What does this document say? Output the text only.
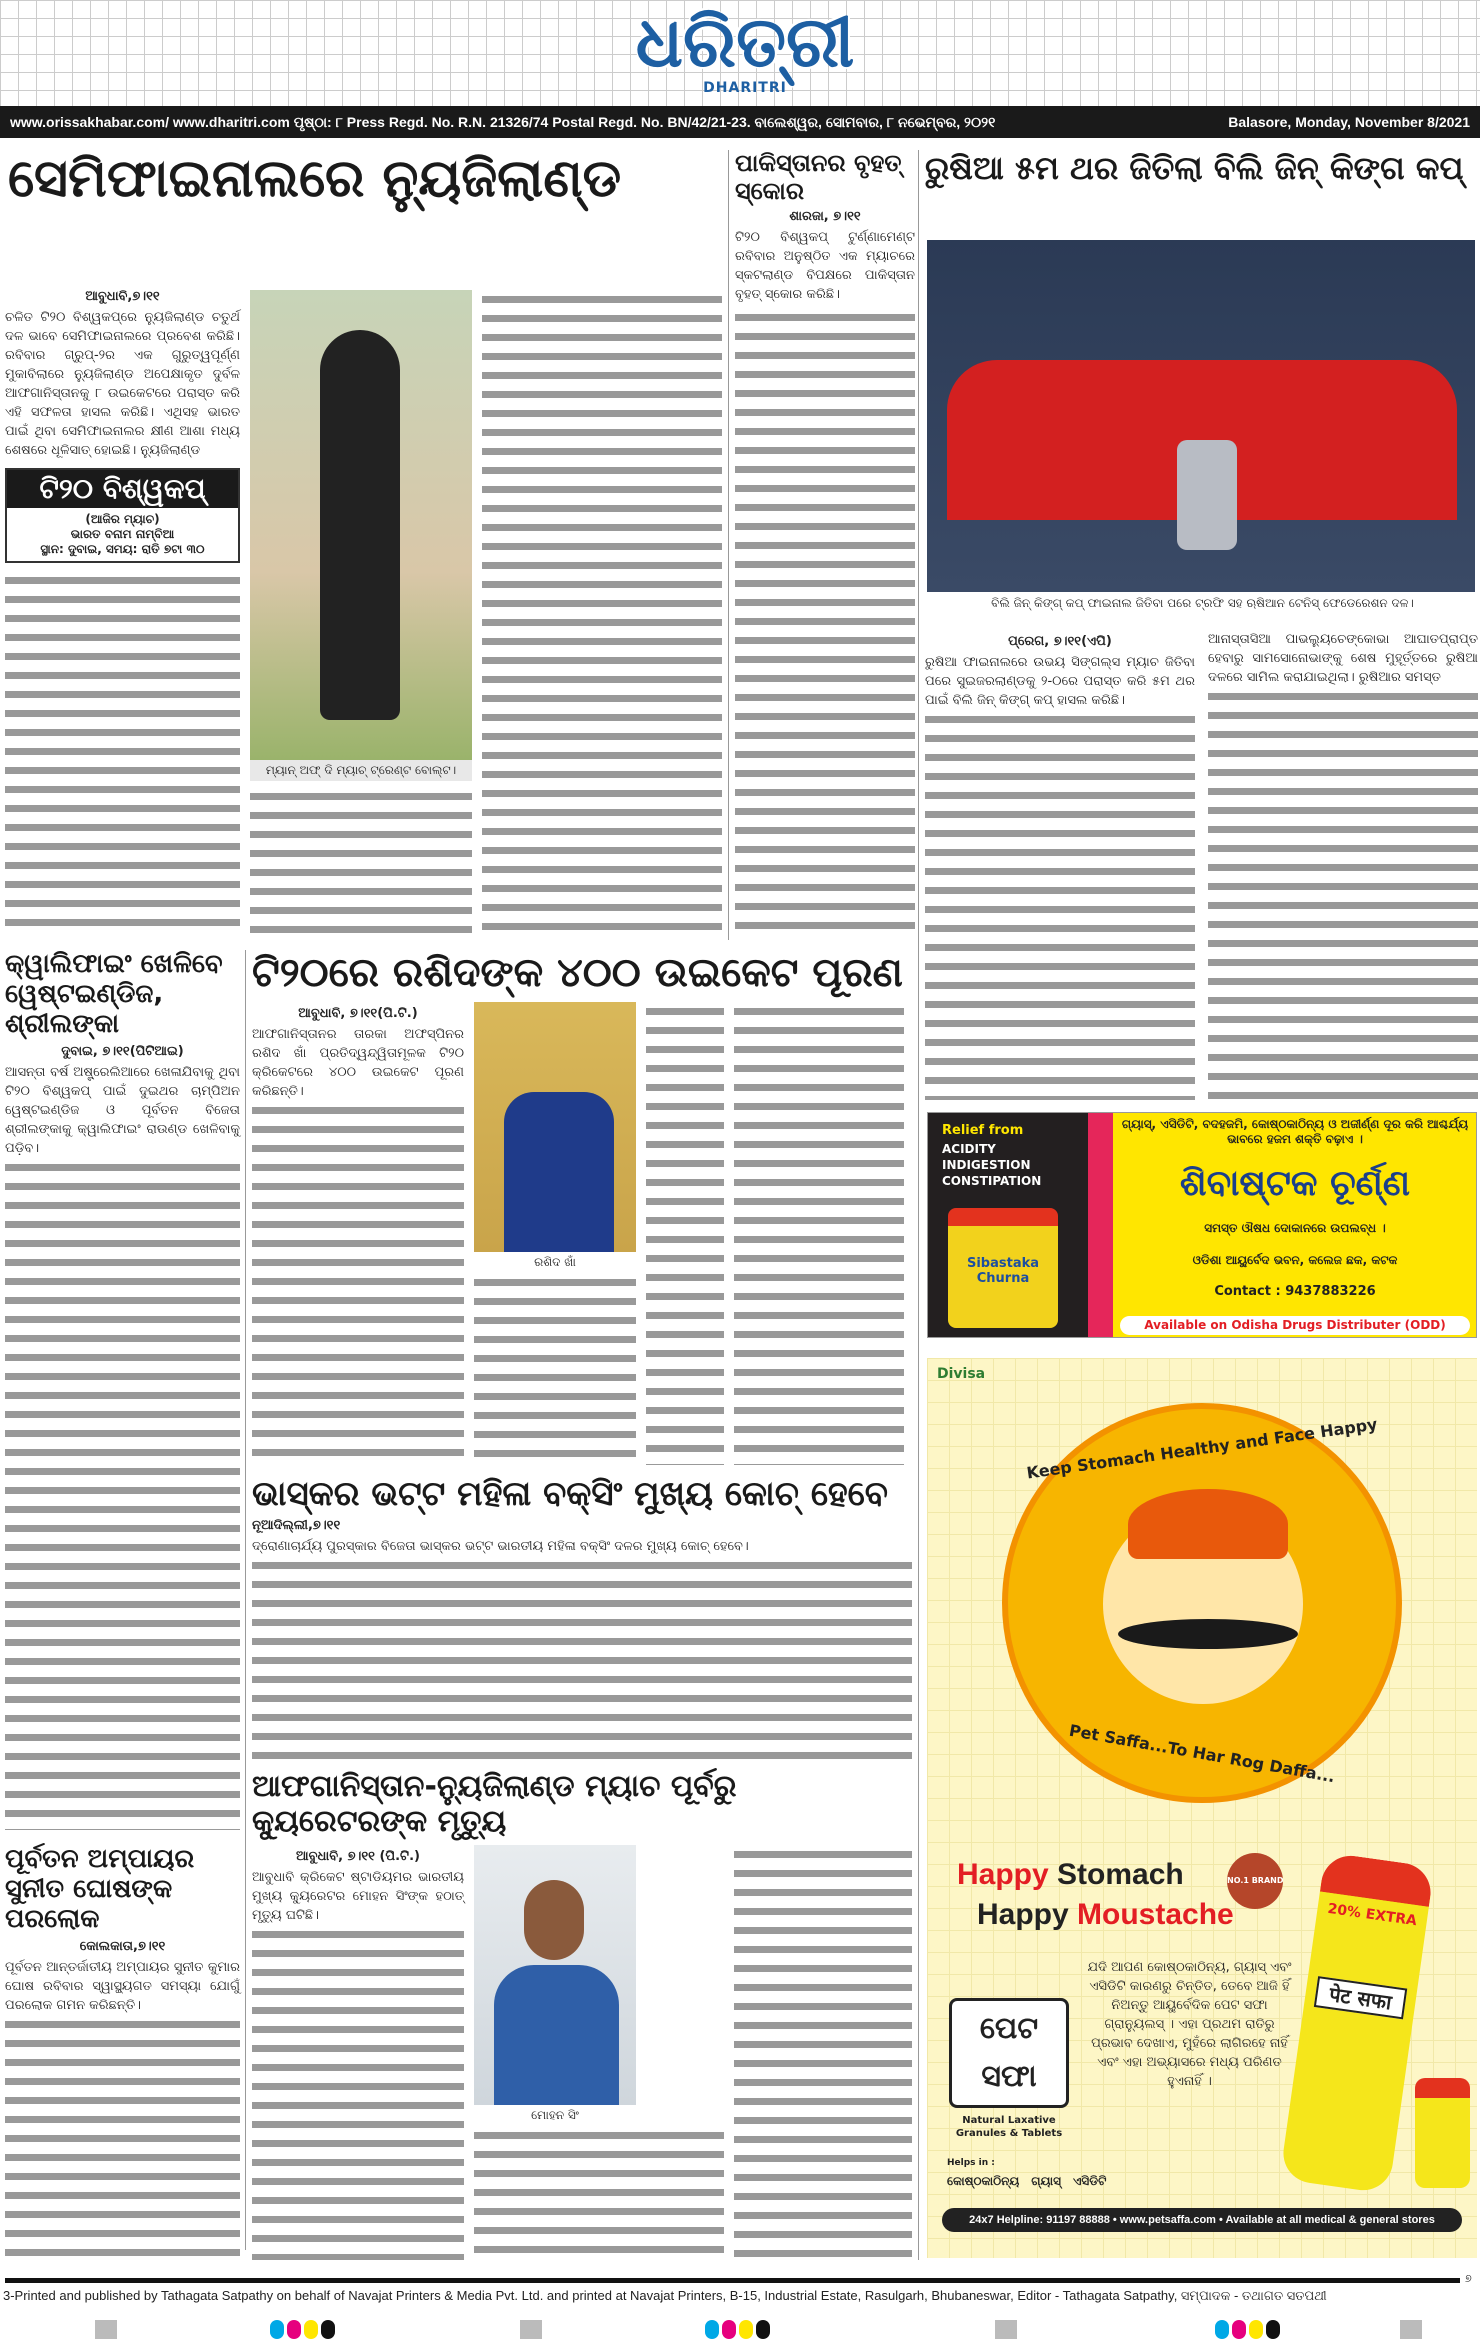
ଧରିତ୍ରୀ
DHARITRI
www.orissakhabar.com/ www.dharitri.com ପୃଷ୍ଠା: ୮ Press Regd. No. R.N. 21326/74 Postal Regd. No. BN/42/21-23. ବାଲେଶ୍ୱର, ସୋମବାର, ୮ ନଭେମ୍ବର, ୨୦୨୧	Balasore, Monday, November 8/2021
ସେମିଫାଇନାଲରେ ନ୍ୟୁଜିଲାଣ୍ଡ
ଆବୁଧାବି,୭।୧୧
ଚଳିତ ଟି୨୦ ବିଶ୍ୱକପ୍‌ରେ ନ୍ୟୁଜିଲାଣ୍ଡ ଚତୁର୍ଥ ଦଳ ଭାବେ ସେମିଫାଇନାଲରେ ପ୍ରବେଶ କରିଛି। ରବିବାର ଗ୍ରୁପ୍-୨ର ଏକ ଗୁରୁତ୍ୱପୂର୍ଣ୍ଣ ମୁକାବିଲାରେ ନ୍ୟୁଜିଲାଣ୍ଡ ଅପେକ୍ଷାକୃତ ଦୁର୍ବଳ ଆଫଗାନିସ୍ତାନକୁ ୮ ଉଇକେଟରେ ପରାସ୍ତ କରି ଏହି ସଫଳତା ହାସଲ କରିଛି। ଏଥିସହ ଭାରତ ପାଇଁ ଥିବା ସେମିଫାଇନାଲର କ୍ଷୀଣ ଆଶା ମଧ୍ୟ ଶେଷରେ ଧୂଳିସାତ୍ ହୋଇଛି। ନ୍ୟୁଜିଲାଣ୍ଡ
ଟି୨୦ ବିଶ୍ୱକପ୍
(ଆଜିର ମ୍ୟାଚ)
ଭାରତ ବନାମ ନାମ୍ବିଆ
ସ୍ଥାନ: ଦୁବାଇ, ସମୟ: ରାତି ୭ଟା ୩୦
ମ୍ୟାନ୍ ଅଫ୍ ଦି ମ୍ୟାଚ୍ ଟ୍ରେଣ୍ଟ ବୋଲ୍ଟ।
ପାକିସ୍ତାନର ବୃହତ୍ ସ୍କୋର
ଶାରଜା, ୭।୧୧
ଟି୨୦ ବିଶ୍ୱକପ୍ ଟୁର୍ଣ୍ଣାମେଣ୍ଟ ରବିବାର ଅନୁଷ୍ଠିତ ଏକ ମ୍ୟାଚରେ ସ୍କଟଲାଣ୍ଡ ବିପକ୍ଷରେ ପାକିସ୍ତାନ ବୃହତ୍ ସ୍କୋର କରିଛି।
ରୁଷିଆ ୫ମ ଥର ଜିତିଲା ବିଲି ଜିନ୍ କିଙ୍ଗ କପ୍
ବିଲି ଜିନ୍ କିଙ୍ଗ୍ କପ୍ ଫାଇନାଲ ଜିତିବା ପରେ ଟ୍ରଫି ସହ ଋଷିଆନ ଟେନିସ୍ ଫେଡେରେଶନ ଦଳ।
ପ୍ରେଗ, ୭।୧୧(ଏପି)
ରୁଷିଆ ଫାଇନାଲରେ ଉଭୟ ସିଙ୍ଗଲ୍ସ ମ୍ୟାଚ ଜିତିବା ପରେ ସୁଇଜରଲାଣ୍ଡକୁ ୨-୦ରେ ପରାସ୍ତ କରି ୫ମ ଥର ପାଇଁ ବିଲି ଜିନ୍ କିଙ୍ଗ୍ କପ୍ ହାସଲ କରିଛି।
ଆନାସ୍ତାସିଆ ପାଭଲ୍ୟୁଚେଙ୍କୋଭା ଆଘାତପ୍ରାପ୍ତ ହେବାରୁ ସାମସୋନୋଭାଙ୍କୁ ଶେଷ ମୁହୂର୍ତ୍ତରେ ରୁଷିଆ ଦଳରେ ସାମିଲ କରାଯାଇଥିଲା। ରୁଷିଆର ସମସ୍ତ
କ୍ୱାଲିଫାଇଂ ଖେଳିବେ ୱେଷ୍ଟଇଣ୍ଡିଜ, ଶ୍ରୀଲଙ୍କା
ଦୁବାଇ, ୭।୧୧(ପିଟିଆଇ)
ଆସନ୍ତା ବର୍ଷ ଅଷ୍ଟ୍ରେଲିଆରେ ଖେଳାଯିବାକୁ ଥିବା ଟି୨୦ ବିଶ୍ୱକପ୍ ପାଇଁ ଦୁଇଥର ଚାମ୍ପିଅନ ୱେଷ୍ଟଇଣ୍ଡିଜ ଓ ପୂର୍ବତନ ବିଜେତା ଶ୍ରୀଲଙ୍କାକୁ କ୍ୱାଲିଫାଇଂ ରାଉଣ୍ଡ ଖେଳିବାକୁ ପଡ଼ିବ।
ଟି୨୦ରେ ରଶିଦଙ୍କ ୪୦୦ ଉଇକେଟ ପୂରଣ
ଆବୁଧାବି, ୭।୧୧(ପି.ଟି.)
ଆଫଗାନିସ୍ତାନର ତାରକା ଅଫସ୍ପିନର ରଶିଦ ଖାଁ ପ୍ରତିଦ୍ୱନ୍ଦ୍ୱିତାମୂଳକ ଟି୨୦ କ୍ରିକେଟରେ ୪୦୦ ଉଇକେଟ ପୂରଣ କରିଛନ୍ତି।
ରଶିଦ ଖାଁ
ଭାସ୍କର ଭଟ୍ଟ ମହିଳା ବକ୍ସିଂ ମୁଖ୍ୟ କୋଚ୍ ହେବେ
ନୂଆଦିଲ୍ଲୀ,୭।୧୧
ଦ୍ରୋଣାଚାର୍ଯ୍ୟ ପୁରସ୍କାର ବିଜେତା ଭାସ୍କର ଭଟ୍ଟ ଭାରତୀୟ ମହିଳା ବକ୍ସିଂ ଦଳର ମୁଖ୍ୟ କୋଚ୍ ହେବେ।
ଆଫଗାନିସ୍ତାନ-ନ୍ୟୁଜିଲାଣ୍ଡ ମ୍ୟାଚ ପୂର୍ବରୁ କ୍ୟୁରେଟରଙ୍କ ମୃତ୍ୟୁ
ଆବୁଧାବି, ୭।୧୧ (ପି.ଟି.)
ଆବୁଧାବି କ୍ରିକେଟ ଷ୍ଟାଡିୟମର ଭାରତୀୟ ମୁଖ୍ୟ କ୍ୟୁରେଟର ମୋହନ ସିଂଙ୍କ ହଠାତ୍ ମୃତ୍ୟୁ ଘଟିଛି।
ମୋହନ ସିଂ
ପୂର୍ବତନ ଅମ୍ପାୟର ସୁନୀତ ଘୋଷଙ୍କ ପରଲୋକ
କୋଲକାତା,୭।୧୧
ପୂର୍ବତନ ଆନ୍ତର୍ଜାତୀୟ ଅମ୍ପାୟର ସୁନୀତ କୁମାର ଘୋଷ ରବିବାର ସ୍ୱାସ୍ଥ୍ୟଗତ ସମସ୍ୟା ଯୋଗୁଁ ପରଲୋକ ଗମନ କରିଛନ୍ତି।
Relief from
ACIDITY
INDIGESTION
CONSTIPATION
Sibastaka Churna
ଗ୍ୟାସ୍, ଏସିଡିଟି, ବଦହଜମି, କୋଷ୍ଠକାଠିନ୍ୟ ଓ ଅଜୀର୍ଣ୍ଣ ଦୂର କରି ଆଶ୍ଚର୍ଯ୍ୟ ଭାବରେ ହଜମ ଶକ୍ତି ବଢ଼ାଏ ।
ଶିବାଷ୍ଟକ ଚୂର୍ଣ୍ଣ
ସମସ୍ତ ଔଷଧ ଦୋକାନରେ ଉପଲବ୍ଧ ।
ଓଡିଶା ଆୟୁର୍ବେଦ ଭବନ, କଲେଜ ଛକ, କଟକ
Contact : 9437883226
Available on Odisha Drugs Distributer (ODD)
Divisa
Keep Stomach Healthy and Face Happy
Pet Saffa...To Har Rog Daffa...
Happy Stomach
Happy Moustache
NO.1 BRAND
20% EXTRA
पेट सफा
ପେଟ ସଫା
Natural Laxative Granules & Tablets
ଯଦି ଆପଣ କୋଷ୍ଠକାଠିନ୍ୟ, ଗ୍ୟାସ୍ ଏବଂ ଏସିଡିଟି କାରଣରୁ ଚିନ୍ତିତ, ତେବେ ଆଜି ହିଁ ନିଅନ୍ତୁ ଆୟୁର୍ବେଦିକ ପେଟ ସଫା ଗ୍ରାନ୍ୟୁଲସ୍ । ଏହା ପ୍ରଥମ ରାତିରୁ ପ୍ରଭାବ ଦେଖାଏ, ମୁହଁରେ ଲାଗିରହେ ନାହିଁ ଏବଂ ଏହା ଅଭ୍ୟାସରେ ମଧ୍ୟ ପରିଣତ ହୁଏନାହିଁ ।
Helps in :
କୋଷ୍ଠକାଠିନ୍ୟ ଗ୍ୟାସ୍ ଏସିଡିଟି
24x7 Helpline: 91197 88888 • www.petsaffa.com • Available at all medical & general stores
୭
3-Printed and published by Tathagata Satpathy on behalf of Navajat Printers & Media Pvt. Ltd. and printed at Navajat Printers, B-15, Industrial Estate, Rasulgarh, Bhubaneswar, Editor - Tathagata Satpathy, ସମ୍ପାଦକ - ତଥାଗତ ସତପଥୀ
